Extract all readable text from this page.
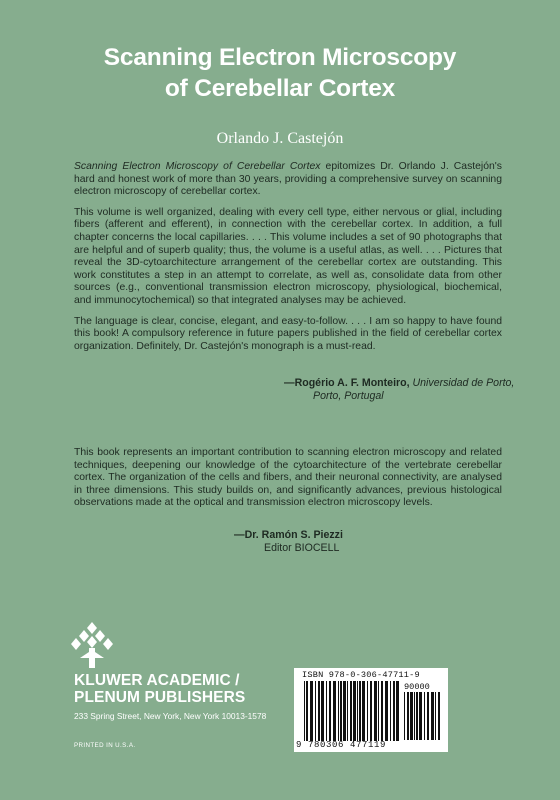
Scanning Electron Microscopy
of Cerebellar Cortex
Orlando J. Castejón

Scanning Electron Microscopy of Cerebellar Cortex epitomizes Dr. Orlando J. Castejón's hard and honest work of more than 30 years, providing a comprehensive survey on scanning electron microscopy of cerebellar cortex.

This volume is well organized, dealing with every cell type, either nervous or glial, including fibers (afferent and efferent), in connection with the cerebellar cortex. In addition, a full chapter concerns the local capillaries. . . . This volume includes a set of 90 photographs that are helpful and of superb quality; thus, the volume is a useful atlas, as well. . . . Pictures that reveal the 3D-cytoarchitecture arrangement of the cerebellar cortex are outstanding. This work constitutes a step in an attempt to correlate, as well as, consolidate data from other sources (e.g., conventional transmission electron microscopy, physiological, biochemical, and immunocytochemical) so that integrated analyses may be achieved.

The language is clear, concise, elegant, and easy-to-follow. . . . I am so happy to have found this book! A compulsory reference in future papers published in the field of cerebellar cortex organization. Definitely, Dr. Castejón's monograph is a must-read.

—Rogério A. F. Monteiro, Universidad de Porto,
Porto, Portugal

This book represents an important contribution to scanning electron microscopy and related techniques, deepening our knowledge of the cytoarchitecture of the vertebrate cerebellar cortex. The organization of the cells and fibers, and their neuronal connectivity, are analysed in three dimensions. This study builds on, and significantly advances, previous histological observations made at the optical and transmission electron microscopy levels.

—Dr. Ramón S. Piezzi
Editor BIOCELL
KLUWER ACADEMIC /
PLENUM PUBLISHERS
233 Spring Street, New York, New York 10013-1578
PRINTED IN U.S.A.
ISBN 978-0-306-47711-9
90000
9 780306 477119
